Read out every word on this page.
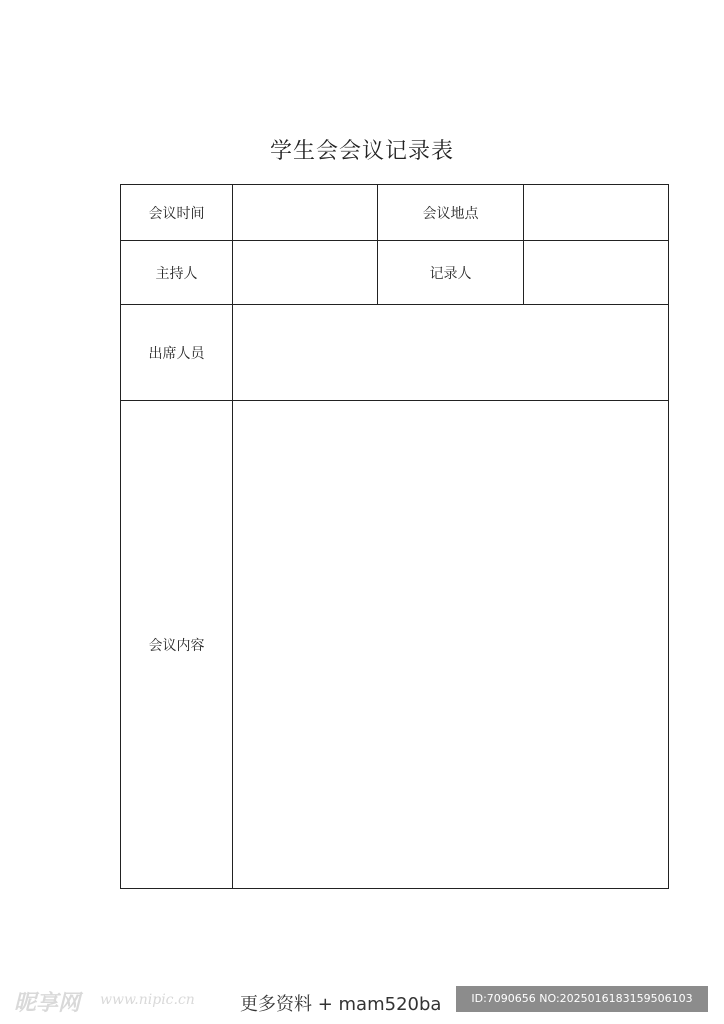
学生会会议记录表
会议时间		会议地点	
主持人		记录人	
出席人员			
会议内容			
昵享网 www.nipic.cn	更多资料 + mam520ba	ID:7090656 NO:20250161831595061​03
